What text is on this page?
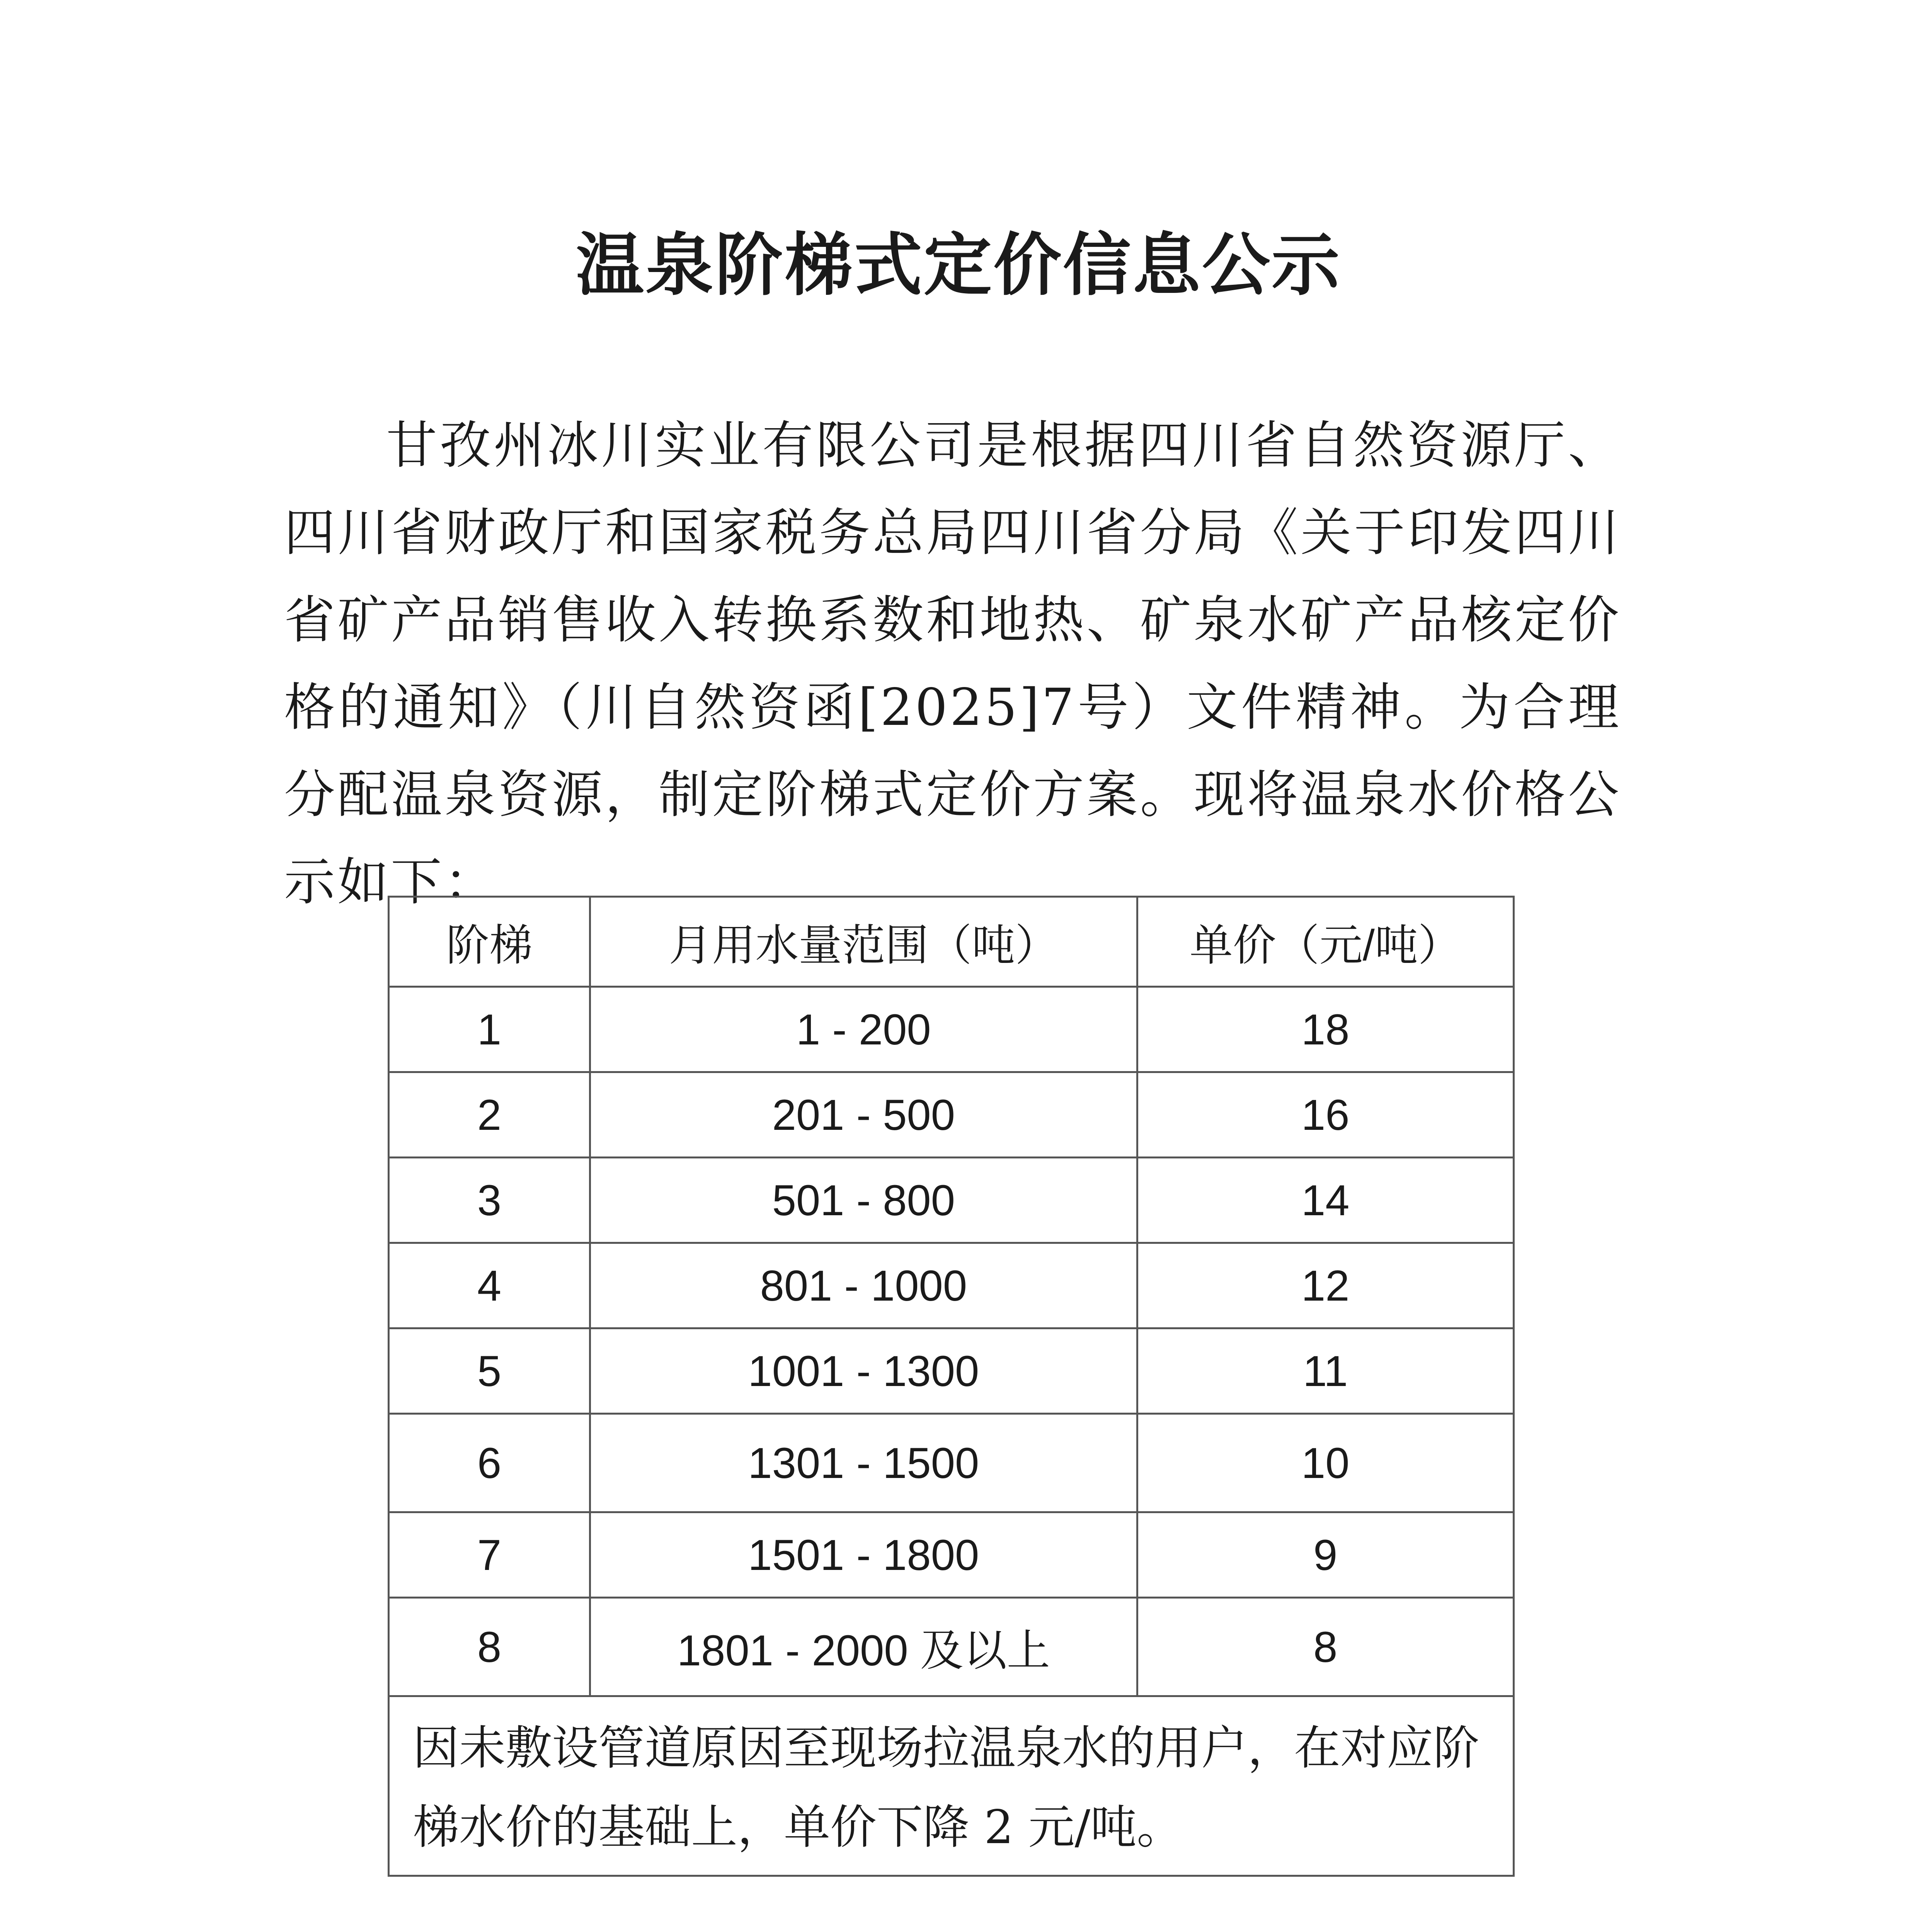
温泉阶梯式定价信息公示

甘孜州冰川实业有限公司是根据四川省自然资源厅、四川省财政厅和国家税务总局四川省分局《关于印发四川省矿产品销售收入转换系数和地热、矿泉水矿产品核定价格的通知》（川自然资函[2025]7号）文件精神。为合理分配温泉资源，制定阶梯式定价方案。现将温泉水价格公示如下：

阶梯	月用水量范围（吨）	单价（元/吨）
1	1 - 200	18
2	201 - 500	16
3	501 - 800	14
4	801 - 1000	12
5	1001 - 1300	11
6	1301 - 1500	10
7	1501 - 1800	9
8	1801 - 2000 及以上	8
因未敷设管道原因至现场拉温泉水的用户，在对应阶梯水价的基础上，单价下降 2 元/吨。		
